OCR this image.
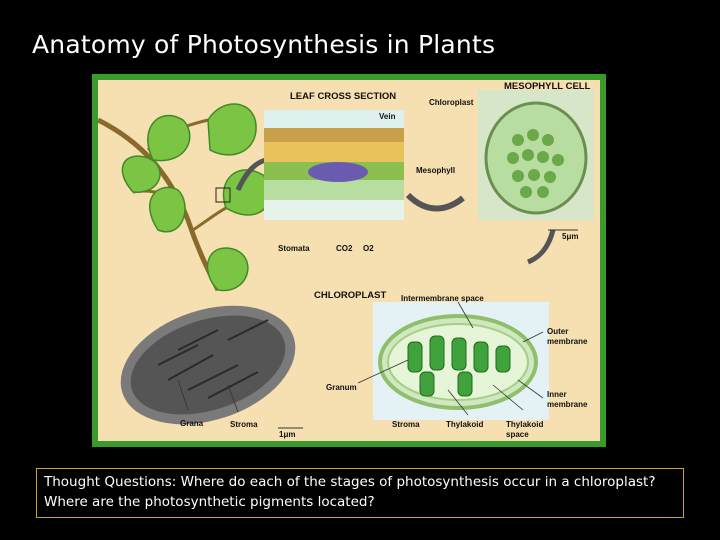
Anatomy of Photosynthesis in Plants
LEAF CROSS SECTION
MESOPHYLL CELL
CHLOROPLAST
Vein
Chloroplast
Mesophyll
Stomata	CO2 O2
5μm
Intermembrane space
Outer
membrane
Granum
Inner
membrane
Grana	Stroma
1μm
Stroma	Thylakoid	Thylakoid
space
Thought Questions: Where do each of the stages of photosynthesis occur in a chloroplast? Where are the photosynthetic pigments located?
